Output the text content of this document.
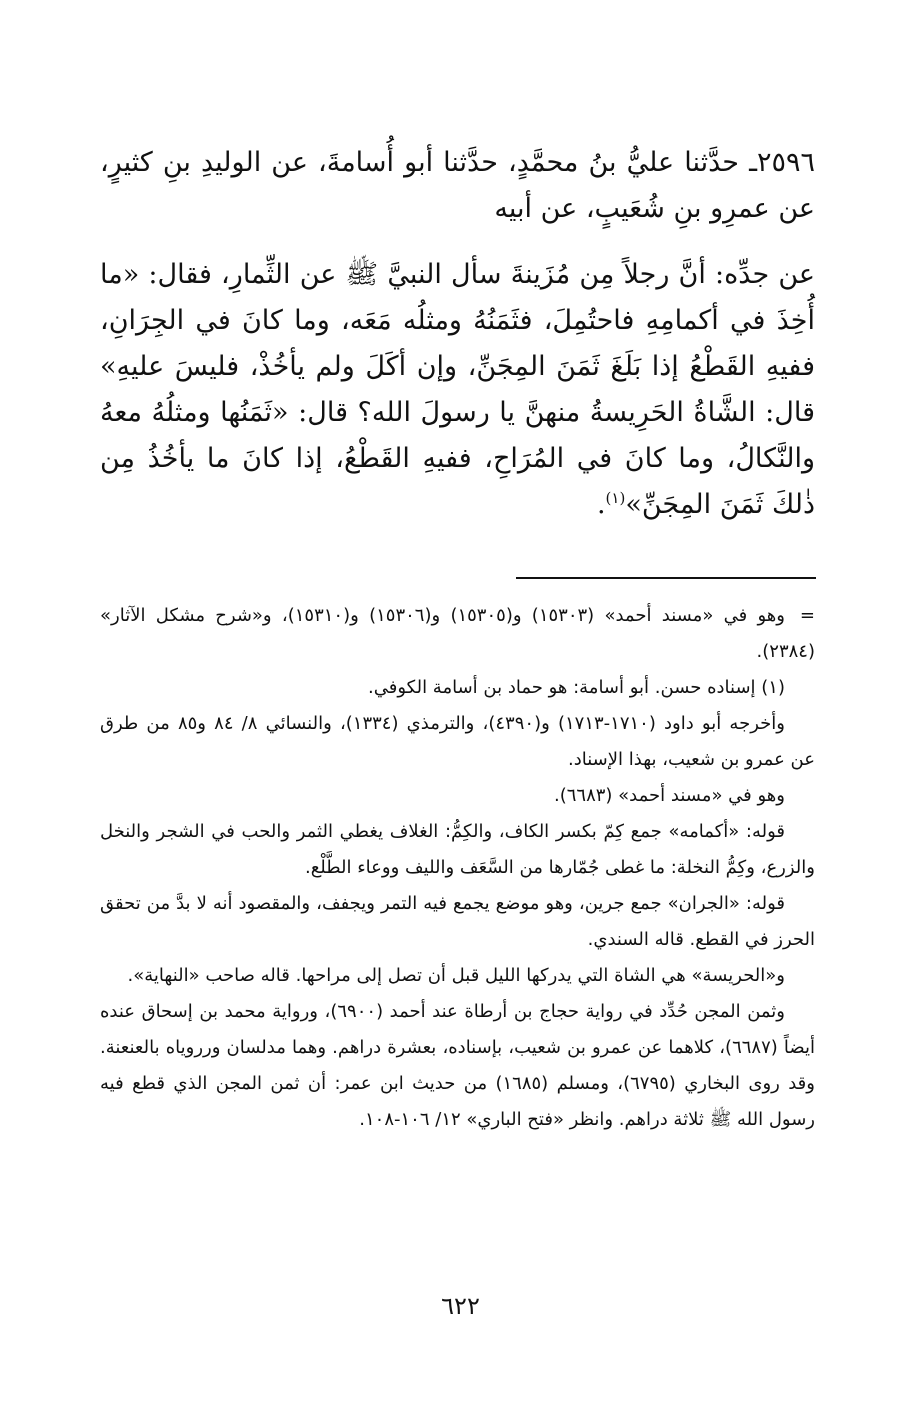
٢٥٩٦ـ حدَّثنا عليُّ بنُ محمَّدٍ، حدَّثنا أبو أُسامةَ، عن الوليدِ بنِ كثيرٍ، عن عمرِو بنِ شُعَيبٍ، عن أبيه

عن جدِّه: أنَّ رجلاً مِن مُزَينةَ سأل النبيَّ ﷺ عن الثِّمارِ، فقال: «ما أُخِذَ في أكمامِهِ فاحتُمِلَ، فثَمَنُهُ ومثلُه مَعَه، وما كانَ في الجِرَانِ، ففيهِ القَطْعُ إذا بَلَغَ ثَمَنَ المِجَنِّ، وإن أكَلَ ولم يأخُذْ، فليسَ عليهِ» قال: الشَّاةُ الحَرِيسةُ منهنَّ يا رسولَ الله؟ قال: «ثَمَنُها ومثلُهُ معهُ والنَّكالُ، وما كانَ في المُرَاحِ، ففيهِ القَطْعُ، إذا كانَ ما يأخُذُ مِن ذٰلكَ ثَمَنَ المِجَنِّ»$^{(١)}$.

=وهو في «مسند أحمد» (١٥٣٠٣) و(١٥٣٠٥) و(١٥٣٠٦) و(١٥٣١٠)، و«شرح مشكل الآثار» (٢٣٨٤).

(١) إسناده حسن. أبو أسامة: هو حماد بن أسامة الكوفي.

وأخرجه أبو داود (١٧١٠-١٧١٣) و(٤٣٩٠)، والترمذي (١٣٣٤)، والنسائي ٨/ ٨٤ و٨٥ من طرق عن عمرو بن شعيب، بهذا الإسناد.

وهو في «مسند أحمد» (٦٦٨٣).

قوله: «أكمامه» جمع كِمّ بكسر الكاف، والكِمُّ: الغلاف يغطي الثمر والحب في الشجر والنخل والزرع، وكِمُّ النخلة: ما غطى جُمّارها من السَّعَف والليف ووعاء الطَّلْع.

قوله: «الجران» جمع جرين، وهو موضع يجمع فيه التمر ويجفف، والمقصود أنه لا بدَّ من تحقق الحرز في القطع. قاله السندي.

و«الحريسة» هي الشاة التي يدركها الليل قبل أن تصل إلى مراحها. قاله صاحب «النهاية».

وثمن المجن حُدِّد في رواية حجاج بن أرطاة عند أحمد (٦٩٠٠)، ورواية محمد بن إسحاق عنده أيضاً (٦٦٨٧)، كلاهما عن عمرو بن شعيب، بإسناده، بعشرة دراهم. وهما مدلسان ورروياه بالعنعنة. وقد روى البخاري (٦٧٩٥)، ومسلم (١٦٨٥) من حديث ابن عمر: أن ثمن المجن الذي قطع فيه رسول الله ﷺ ثلاثة دراهم. وانظر «فتح الباري» ١٢/ ١٠٦-١٠٨.

٦٢٢
